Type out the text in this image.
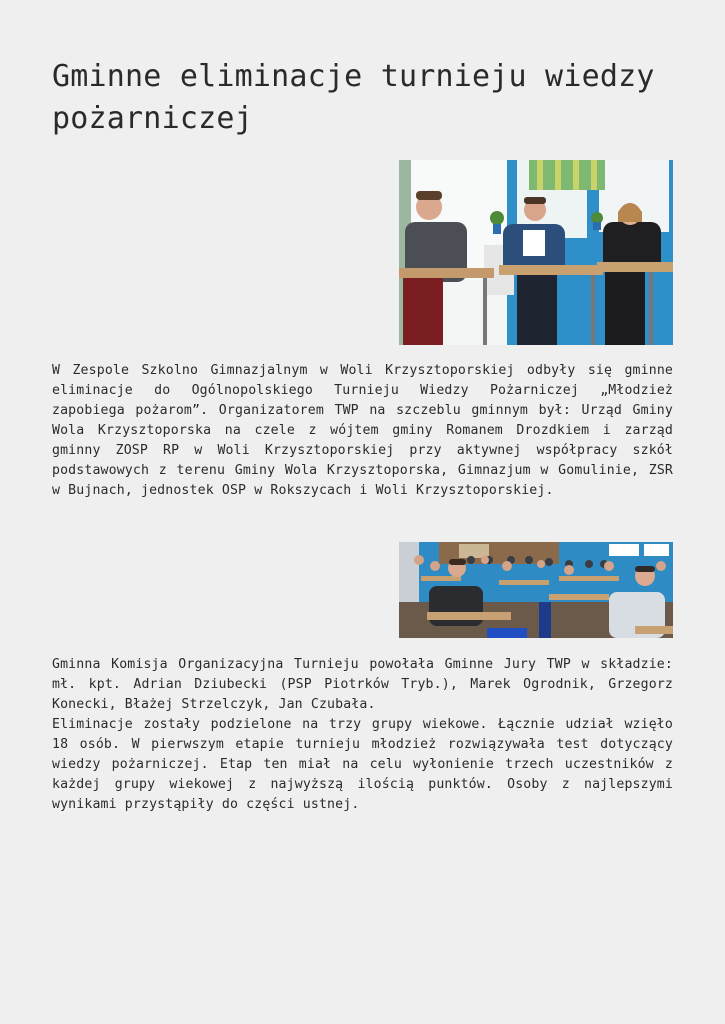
Gminne eliminacje turnieju wiedzy pożarniczej

W Zespole Szkolno Gimnazjalnym w Woli Krzysztoporskiej odbyły się gminne eliminacje do Ogólnopolskiego Turnieju Wiedzy Pożarniczej „Młodzież zapobiega pożarom”. Organizatorem TWP na szczeblu gminnym był: Urząd Gminy Wola Krzysztoporska na czele z wójtem gminy Romanem Drozdkiem i zarząd gminny ZOSP RP w Woli Krzysztoporskiej przy aktywnej współpracy szkół podstawowych z terenu Gminy Wola Krzysztoporska, Gimnazjum w Gomulinie, ZSR w Bujnach, jednostek OSP w Rokszycach i Woli Krzysztoporskiej.

Gminna Komisja Organizacyjna Turnieju powołała Gminne Jury TWP w składzie: mł. kpt. Adrian Dziubecki (PSP Piotrków Tryb.), Marek Ogrodnik, Grzegorz Konecki, Błażej Strzelczyk, Jan Czubała.

Eliminacje zostały podzielone na trzy grupy wiekowe. Łącznie udział wzięło 18 osób. W pierwszym etapie turnieju młodzież rozwiązywała test dotyczący wiedzy pożarniczej. Etap ten miał na celu wyłonienie trzech uczestników z każdej grupy wiekowej z najwyższą ilością punktów. Osoby z najlepszymi wynikami przystąpiły do części ustnej.
